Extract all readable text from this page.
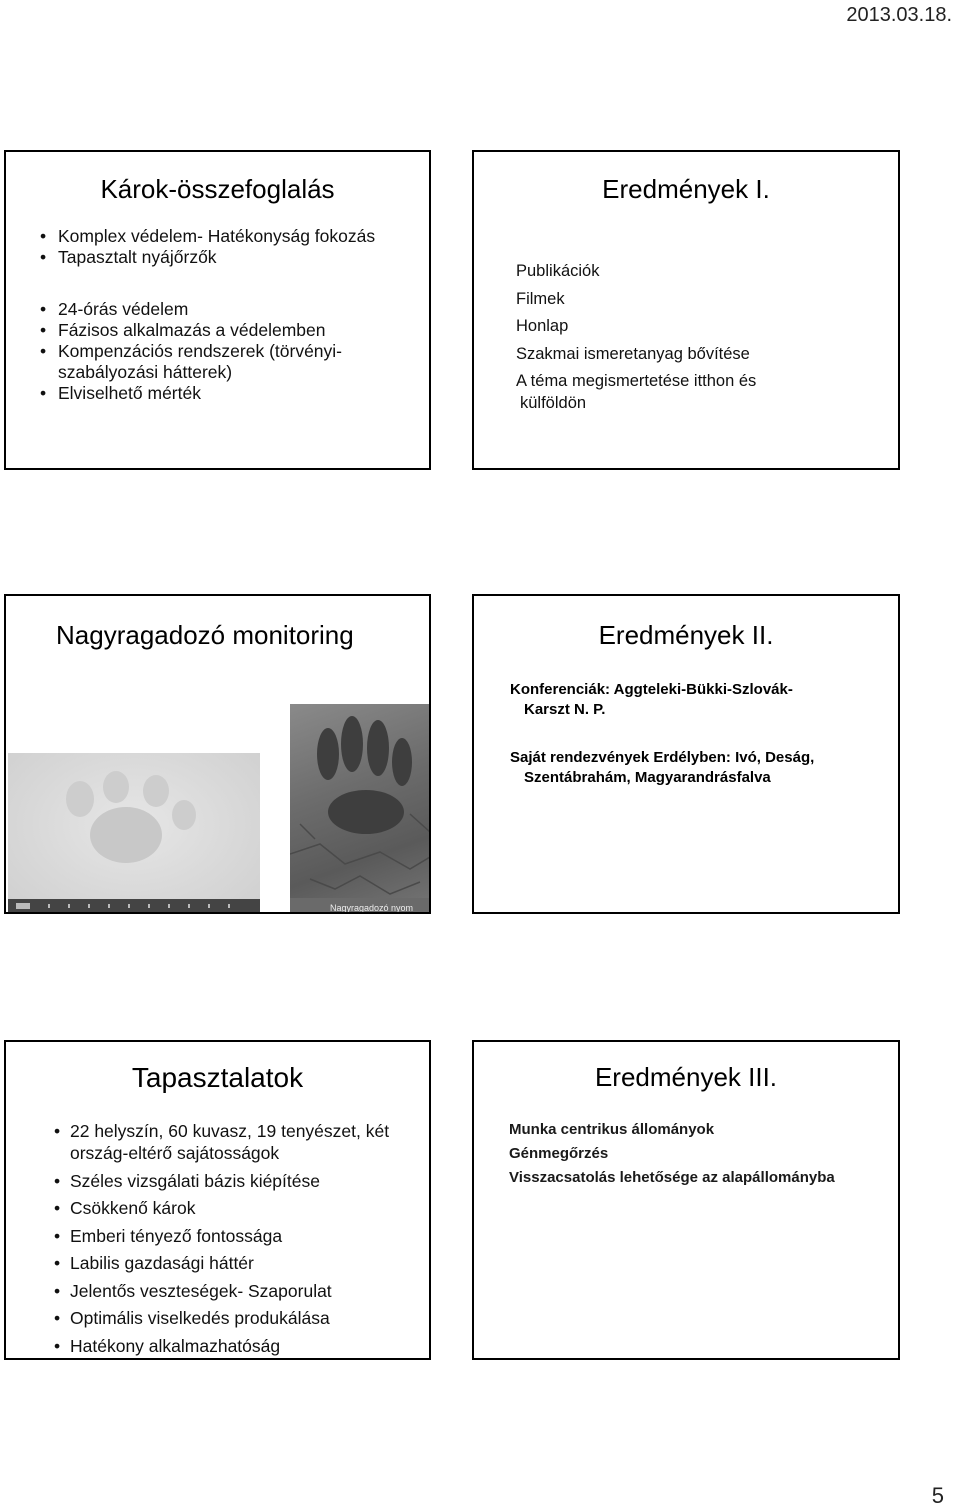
2013.03.18.
Károk-összefoglalás
• Komplex védelem- Hatékonyság fokozás
• Tapasztalt nyájőrzők
• 24-órás védelem
• Fázisos alkalmazás a védelemben
• Kompenzációs rendszerek (törvényi-szabályozási hátterek)
• Elviselhető mérték
Eredmények I.
Publikációk
Filmek
Honlap
Szakmai ismeretanyag bővítése
A téma megismertetése itthon és
külföldön
Nagyragadozó monitoring
Nagyragadozó nyom
Eredmények II.
Konferenciák: Aggteleki-Bükki-Szlovák-
Karszt N. P.
Saját rendezvények Erdélyben: Ivó, Deság,
Szentábrahám, Magyarandrásfalva
Tapasztalatok
• 22 helyszín, 60 kuvasz, 19 tenyészet, két ország-eltérő sajátosságok
• Széles vizsgálati bázis kiépítése
• Csökkenő károk
• Emberi tényező fontossága
• Labilis gazdasági háttér
• Jelentős veszteségek- Szaporulat
• Optimális viselkedés produkálása
• Hatékony alkalmazhatóság
Eredmények III.
Munka centrikus állományok
Génmegőrzés
Visszacsatolás lehetősége az alapállományba
5
